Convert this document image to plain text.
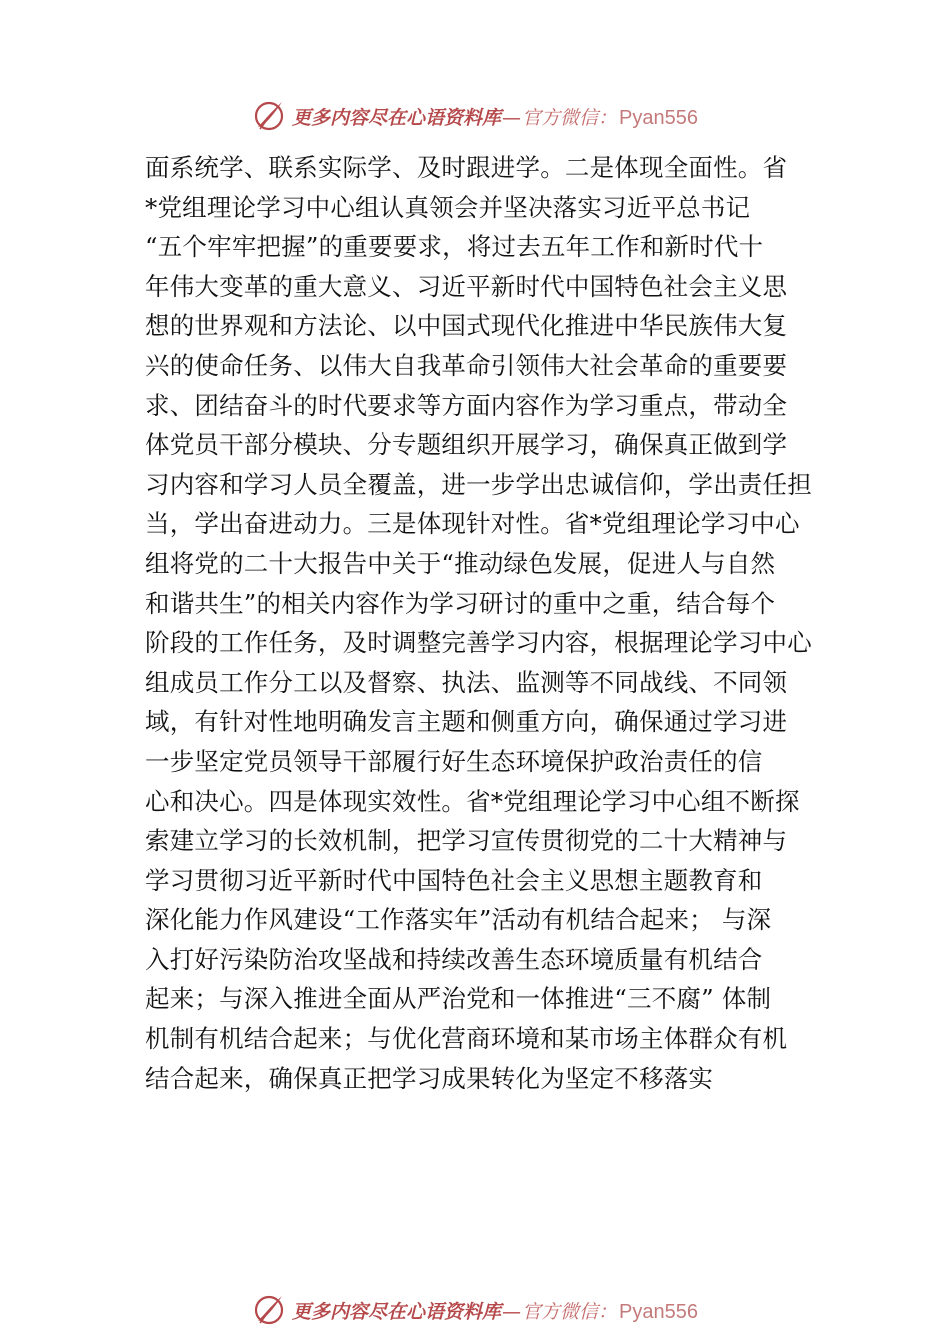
更多内容尽在心语资料库 — 官方微信： Pyan556
面系统学、联系实际学、及时跟进学。二是体现全面性。省
*党组理论学习中心组认真领会并坚决落实习近平总书记
“五个牢牢把握”的重要要求，将过去五年工作和新时代十
年伟大变革的重大意义、习近平新时代中国特色社会主义思
想的世界观和方法论、以中国式现代化推进中华民族伟大复
兴的使命任务、以伟大自我革命引领伟大社会革命的重要要
求、团结奋斗的时代要求等方面内容作为学习重点，带动全
体党员干部分模块、分专题组织开展学习，确保真正做到学
习内容和学习人员全覆盖，进一步学出忠诚信仰，学出责任担
当，学出奋进动力。三是体现针对性。省*党组理论学习中心
组将党的二十大报告中关于“推动绿色发展，促进人与自然
和谐共生”的相关内容作为学习研讨的重中之重，结合每个
阶段的工作任务，及时调整完善学习内容，根据理论学习中心
组成员工作分工以及督察、执法、监测等不同战线、不同领
域，有针对性地明确发言主题和侧重方向，确保通过学习进
一步坚定党员领导干部履行好生态环境保护政治责任的信
心和决心。四是体现实效性。省*党组理论学习中心组不断探
索建立学习的长效机制，把学习宣传贯彻党的二十大精神与
学习贯彻习近平新时代中国特色社会主义思想主题教育和
深化能力作风建设“工作落实年”活动有机结合起来； 与深
入打好污染防治攻坚战和持续改善生态环境质量有机结合
起来；与深入推进全面从严治党和一体推进“三不腐” 体制
机制有机结合起来；与优化营商环境和某市场主体群众有机
结合起来，确保真正把学习成果转化为坚定不移落实
更多内容尽在心语资料库 — 官方微信： Pyan556
